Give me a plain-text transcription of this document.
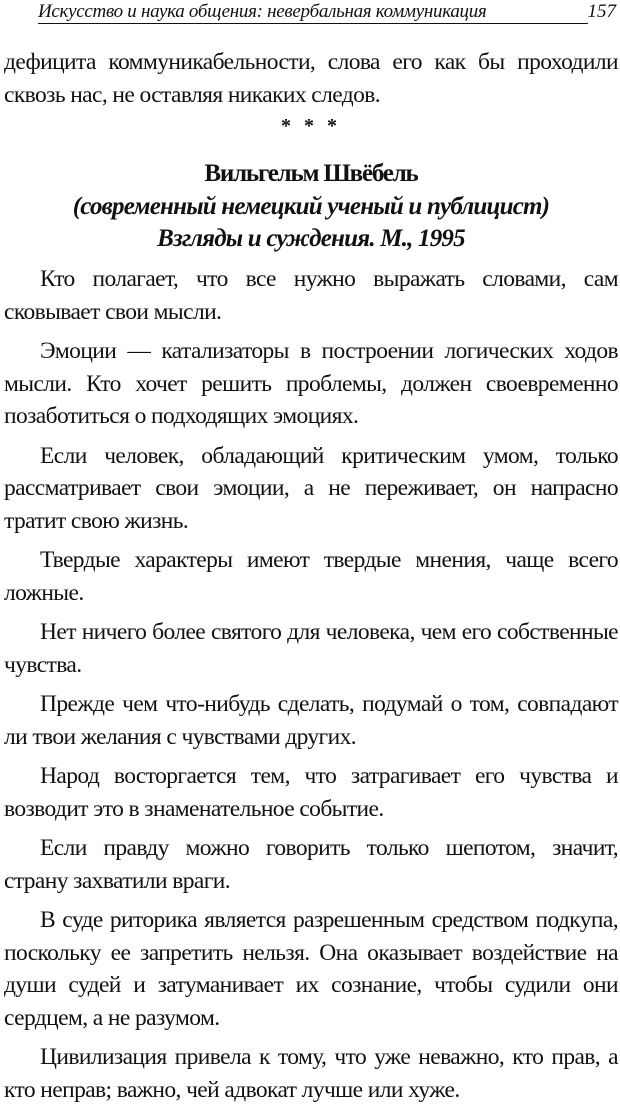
Искусство и наука общения: невербальная коммуникация	157

дефицита коммуникабельности, слова его как бы проходили сквозь нас, не оставляя никаких следов.

* * *
Вильгельм Швёбель
(современный немецкий ученый и публицист)
Взгляды и суждения. М., 1995

Кто полагает, что все нужно выражать словами, сам сковывает свои мысли.

Эмоции — катализаторы в построении логических ходов мысли. Кто хочет решить проблемы, должен своевременно позаботиться о подходящих эмоциях.

Если человек, обладающий критическим умом, только рассматривает свои эмоции, а не переживает, он напрасно тратит свою жизнь.

Твердые характеры имеют твердые мнения, чаще всего ложные.

Нет ничего более святого для человека, чем его собственные чувства.

Прежде чем что-нибудь сделать, подумай о том, совпадают ли твои желания с чувствами других.

Народ восторгается тем, что затрагивает его чувства и возводит это в знаменательное событие.

Если правду можно говорить только шепотом, значит, страну захватили враги.

В суде риторика является разрешенным средством подкупа, поскольку ее запретить нельзя. Она оказывает воздействие на души судей и затуманивает их сознание, чтобы судили они сердцем, а не разумом.

Цивилизация привела к тому, что уже неважно, кто прав, а кто неправ; важно, чей адвокат лучше или хуже.
